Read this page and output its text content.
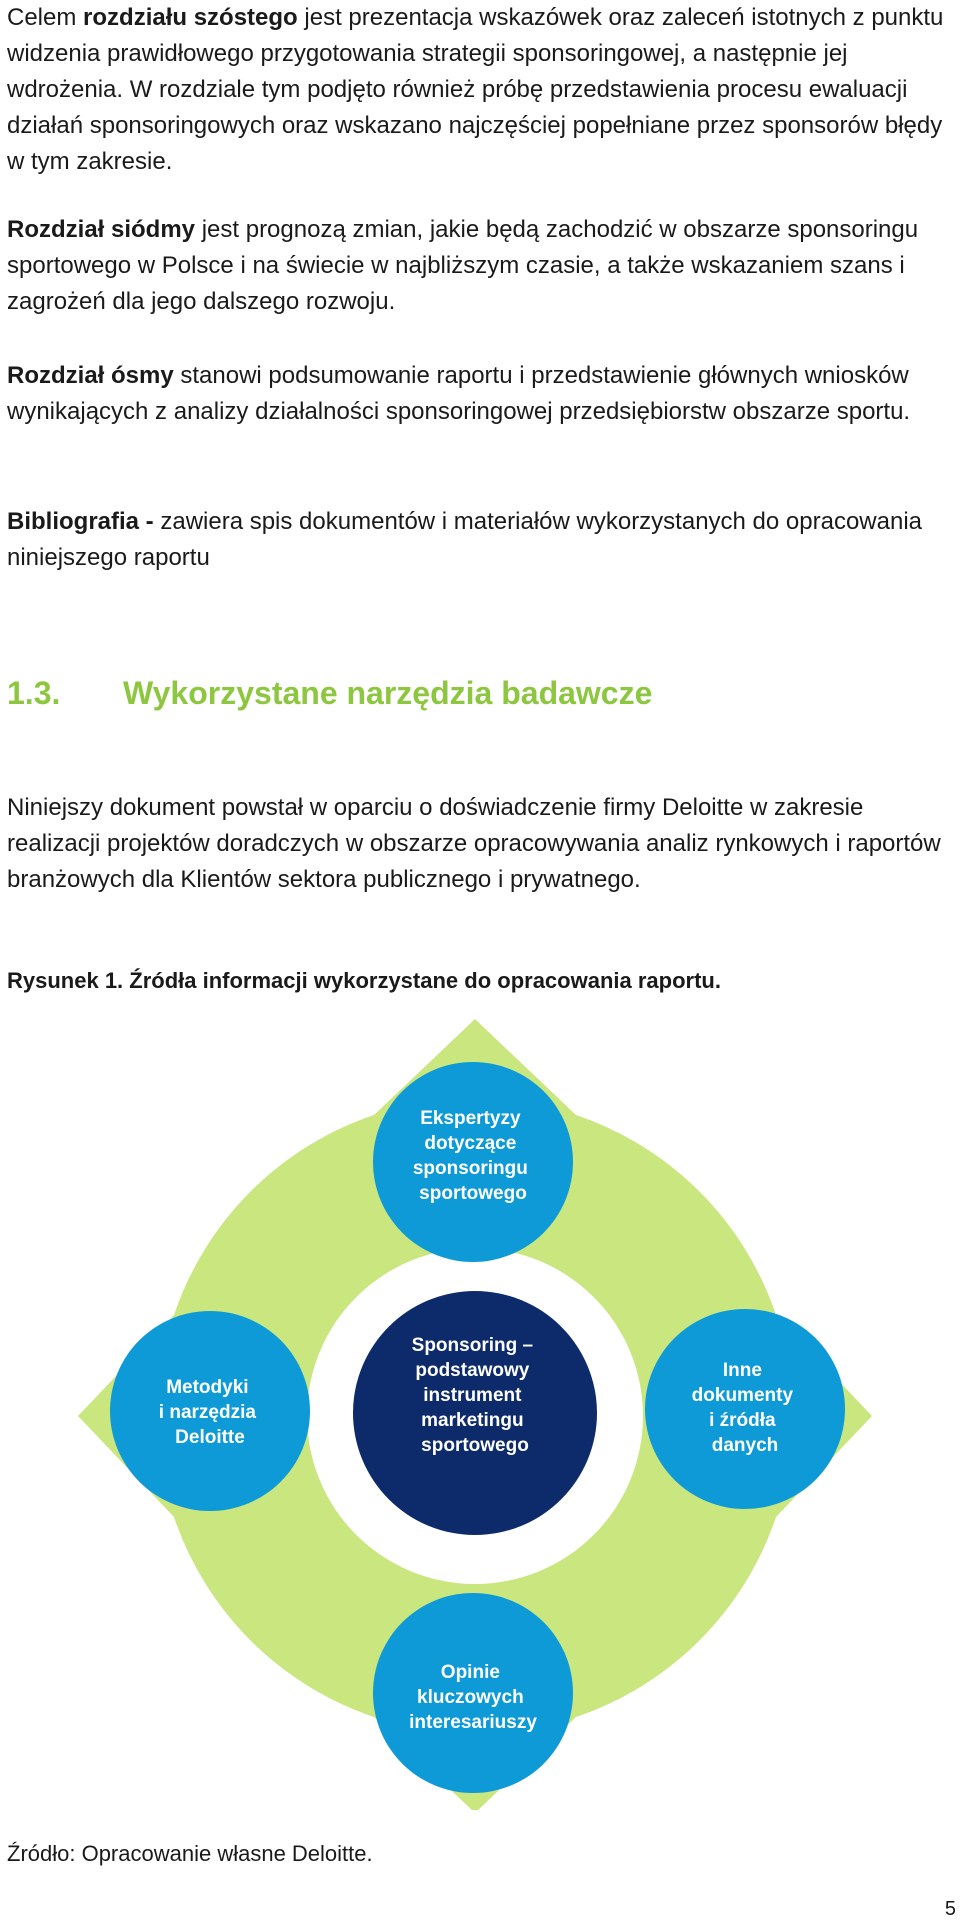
Celem rozdziału szóstego jest prezentacja wskazówek oraz zaleceń istotnych z punktu widzenia prawidłowego przygotowania strategii sponsoringowej, a następnie jej wdrożenia. W rozdziale tym podjęto również próbę przedstawienia procesu ewaluacji działań sponsoringowych oraz wskazano najczęściej popełniane przez sponsorów błędy w tym zakresie.

Rozdział siódmy jest prognozą zmian, jakie będą zachodzić w obszarze sponsoringu sportowego w Polsce i na świecie w najbliższym czasie, a także wskazaniem szans i zagrożeń dla jego dalszego rozwoju.

Rozdział ósmy stanowi podsumowanie raportu i przedstawienie głównych wniosków wynikających z analizy działalności sponsoringowej przedsiębiorstw obszarze sportu.

Bibliografia - zawiera spis dokumentów i materiałów wykorzystanych do opracowania niniejszego raportu

1.3. Wykorzystane narzędzia badawcze

Niniejszy dokument powstał w oparciu o doświadczenie firmy Deloitte w zakresie realizacji projektów doradczych w obszarze opracowywania analiz rynkowych i raportów branżowych dla Klientów sektora publicznego i prywatnego.

Rysunek 1. Źródła informacji wykorzystane do opracowania raportu.

Sponsoring – podstawowy instrument marketingu sportowego
Ekspertyzy dotyczące sponsoringu sportowego
Metodyki i narzędzia Deloitte
Inne dokumenty i źródła danych
Opinie kluczowych interesariuszy

Źródło: Opracowanie własne Deloitte.

5
